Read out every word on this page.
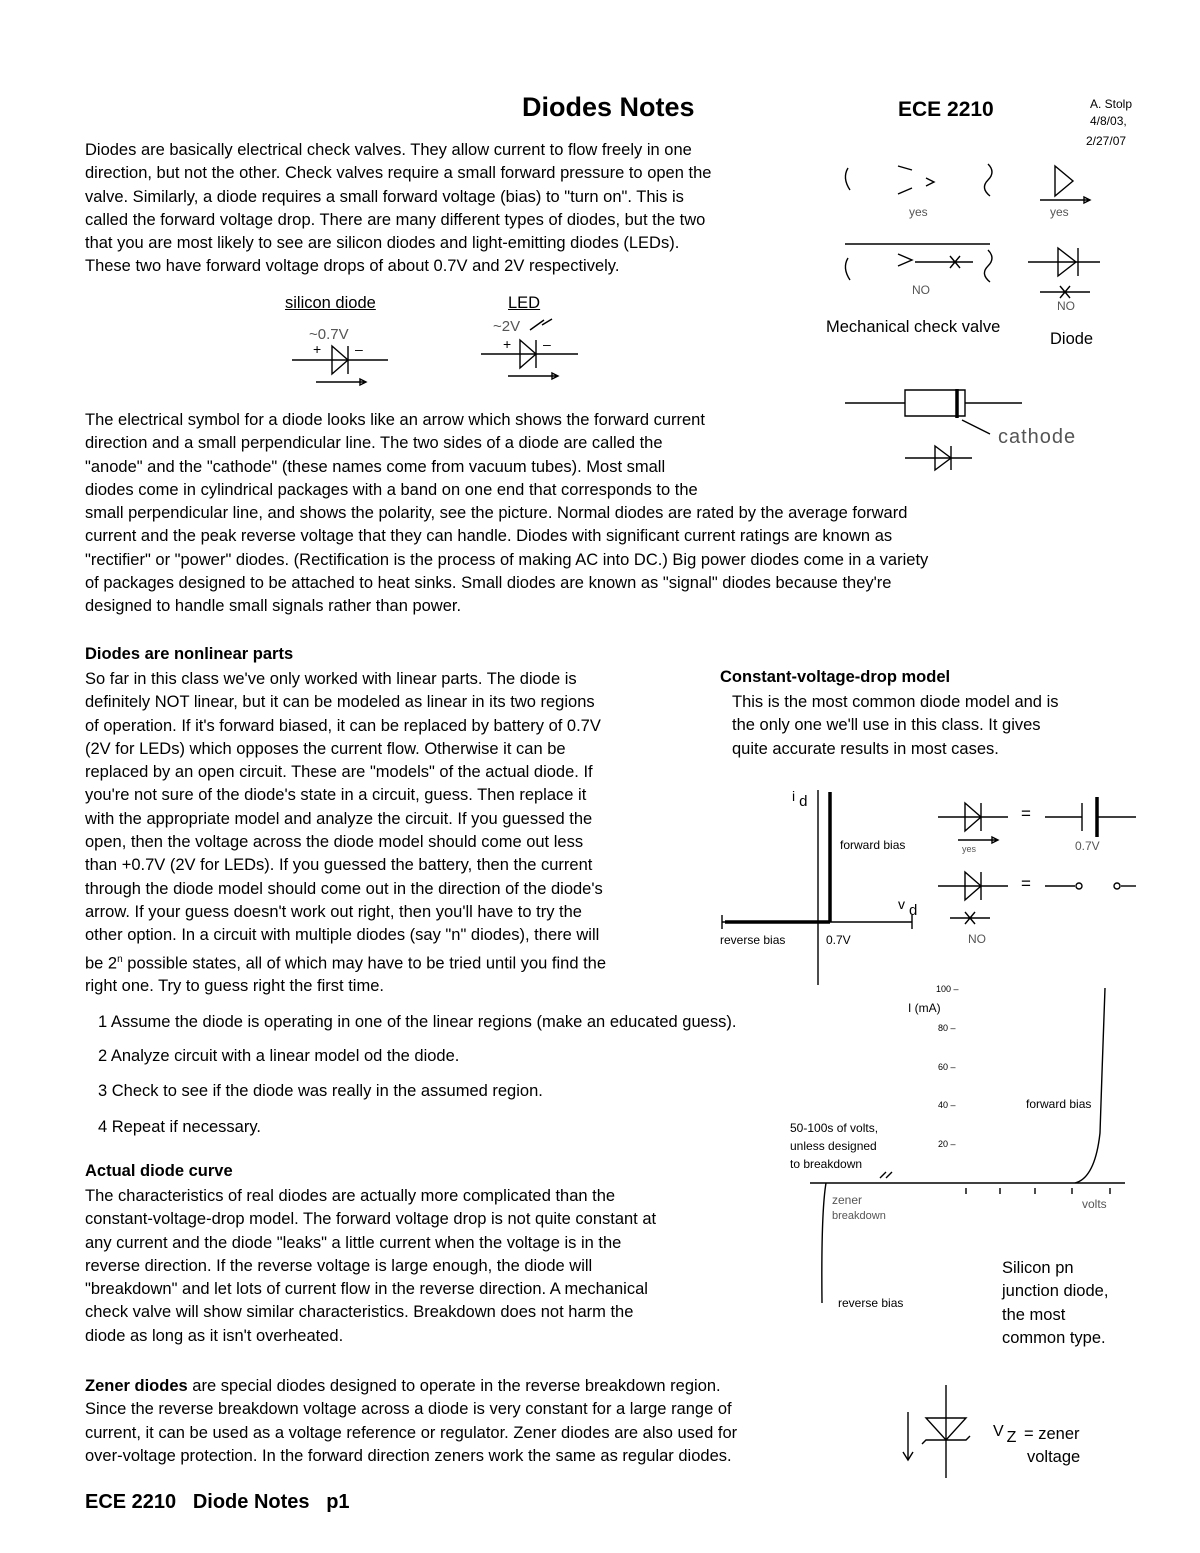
Diodes Notes	ECE 2210	A. Stolp
4/8/03,
2/27/07
Diodes are basically electrical check valves. They allow current to flow freely in one
direction, but not the other. Check valves require a small forward pressure to open the
valve. Similarly, a diode requires a small forward voltage (bias) to "turn on". This is
called the forward voltage drop. There are many different types of diodes, but the two
that you are most likely to see are silicon diodes and light-emitting diodes (LEDs).
These two have forward voltage drops of about 0.7V and 2V respectively.
yes	yes
NO
NO
Mechanical check valve
Diode
cathode
silicon diode	LED
~0.7V	~2V
+ –	+ –
The electrical symbol for a diode looks like an arrow which shows the forward current
direction and a small perpendicular line. The two sides of a diode are called the
"anode" and the "cathode" (these names come from vacuum tubes). Most small
diodes come in cylindrical packages with a band on one end that corresponds to the
small perpendicular line, and shows the polarity, see the picture. Normal diodes are rated by the average forward
current and the peak reverse voltage that they can handle. Diodes with significant current ratings are known as
"rectifier" or "power" diodes. (Rectification is the process of making AC into DC.) Big power diodes come in a variety
of packages designed to be attached to heat sinks. Small diodes are known as "signal" diodes because they're
designed to handle small signals rather than power.
Diodes are nonlinear parts
So far in this class we've only worked with linear parts. The diode is
definitely NOT linear, but it can be modeled as linear in its two regions
of operation. If it's forward biased, it can be replaced by battery of 0.7V
(2V for LEDs) which opposes the current flow. Otherwise it can be
replaced by an open circuit. These are "models" of the actual diode. If
you're not sure of the diode's state in a circuit, guess. Then replace it
with the appropriate model and analyze the circuit. If you guessed the
open, then the voltage across the diode model should come out less
than +0.7V (2V for LEDs). If you guessed the battery, then the current
through the diode model should come out in the direction of the diode's
arrow. If your guess doesn't work out right, then you'll have to try the
other option. In a circuit with multiple diodes (say "n" diodes), there will
be 2$^n$ possible states, all of which may have to be tried until you find the
right one. Try to guess right the first time.
Constant-voltage-drop model
This is the most common diode model and is
the only one we'll use in this class. It gives
quite accurate results in most cases.
i d
v d
forward bias
reverse bias	0.7V
=
=
yes
NO
0.7V
1 Assume the diode is operating in one of the linear regions (make an educated guess).
2 Analyze circuit with a linear model od the diode.
3 Check to see if the diode was really in the assumed region.
4 Repeat if necessary.
Actual diode curve
The characteristics of real diodes are actually more complicated than the
constant-voltage-drop model. The forward voltage drop is not quite constant at
any current and the diode "leaks" a little current when the voltage is in the
reverse direction. If the reverse voltage is large enough, the diode will
"breakdown" and let lots of current flow in the reverse direction. A mechanical
check valve will show similar characteristics. Breakdown does not harm the
diode as long as it isn't overheated.
I (mA)
100 –
80 –
60 –
40 –
20 –
forward bias
reverse bias
50-100s of volts,
unless designed
to breakdown
zener
breakdown
volts
Silicon pn
junction diode,
the most
common type.
Zener diodes are special diodes designed to operate in the reverse breakdown region.
Since the reverse breakdown voltage across a diode is very constant for a large range of
current, it can be used as a voltage reference or regulator. Zener diodes are also used for
over-voltage protection. In the forward direction zeners work the same as regular diodes.
V Z = zener
voltage
ECE 2210   Diode Notes   p1
